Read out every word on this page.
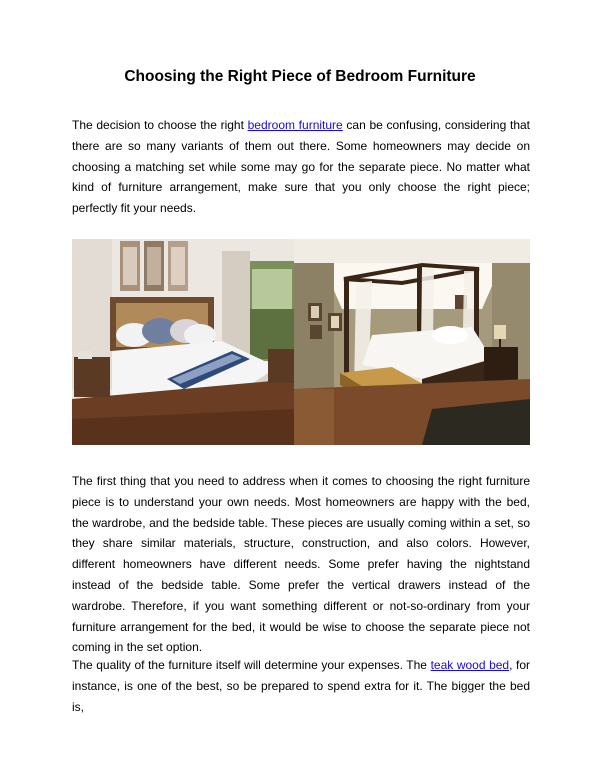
Choosing the Right Piece of Bedroom Furniture

The decision to choose the right bedroom furniture can be confusing, considering that there are so many variants of them out there. Some homeowners may decide on choosing a matching set while some may go for the separate piece. No matter what kind of furniture arrangement, make sure that you only choose the right piece; perfectly fit your needs.

The first thing that you need to address when it comes to choosing the right furniture piece is to understand your own needs. Most homeowners are happy with the bed, the wardrobe, and the bedside table. These pieces are usually coming within a set, so they share similar materials, structure, construction, and also colors. However, different homeowners have different needs. Some prefer having the nightstand instead of the bedside table. Some prefer the vertical drawers instead of the wardrobe. Therefore, if you want something different or not-so-ordinary from your furniture arrangement for the bed, it would be wise to choose the separate piece not coming in the set option.

The quality of the furniture itself will determine your expenses. The teak wood bed, for instance, is one of the best, so be prepared to spend extra for it. The bigger the bed is,
